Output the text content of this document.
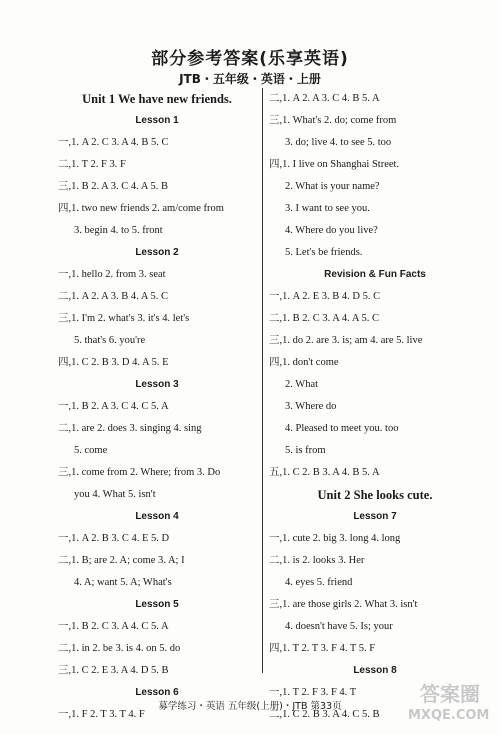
部分参考答案(乐享英语)
JTB・五年级・英语・上册
Unit 1 We have new friends.
Lesson 1
一,1. A 2. C 3. A 4. B 5. C
二,1. T 2. F 3. F
三,1. B 2. A 3. C 4. A 5. B
四,1. two new friends 2. am/come from
3. begin 4. to 5. front
Lesson 2
一,1. hello 2. from 3. seat
二,1. A 2. A 3. B 4. A 5. C
三,1. I'm 2. what's 3. it's 4. let's
5. that's 6. you're
四,1. C 2. B 3. D 4. A 5. E
Lesson 3
一,1. B 2. A 3. C 4. C 5. A
二,1. are 2. does 3. singing 4. sing
5. come
三,1. come from 2. Where; from 3. Do
you 4. What 5. isn't
Lesson 4
一,1. A 2. B 3. C 4. E 5. D
二,1. B; are 2. A; come 3. A; I
4. A; want 5. A; What's
Lesson 5
一,1. B 2. C 3. A 4. C 5. A
二,1. in 2. be 3. is 4. on 5. do
三,1. C 2. E 3. A 4. D 5. B
Lesson 6
一,1. F 2. T 3. T 4. F
二,1. A 2. A 3. C 4. B 5. A
三,1. What's 2. do; come from
3. do; live 4. to see 5. too
四,1. I live on Shanghai Street.
2. What is your name?
3. I want to see you.
4. Where do you live?
5. Let's be friends.
Revision & Fun Facts
一,1. A 2. E 3. B 4. D 5. C
二,1. B 2. C 3. A 4. A 5. C
三,1. do 2. are 3. is; am 4. are 5. live
四,1. don't come
2. What
3. Where do
4. Pleased to meet you. too
5. is from
五,1. C 2. B 3. A 4. B 5. A
Unit 2 She looks cute.
Lesson 7
一,1. cute 2. big 3. long 4. long
二,1. is 2. looks 3. Her
4. eyes 5. friend
三,1. are those girls 2. What 3. isn't
4. doesn't have 5. Is; your
四,1. T 2. T 3. F 4. T 5. F
Lesson 8
一,1. T 2. F 3. F 4. T
二,1. C 2. B 3. A 4. C 5. B
募学练习・英语 五年级(上册)・JTB 第33页
答案圈
MXQE.COM
